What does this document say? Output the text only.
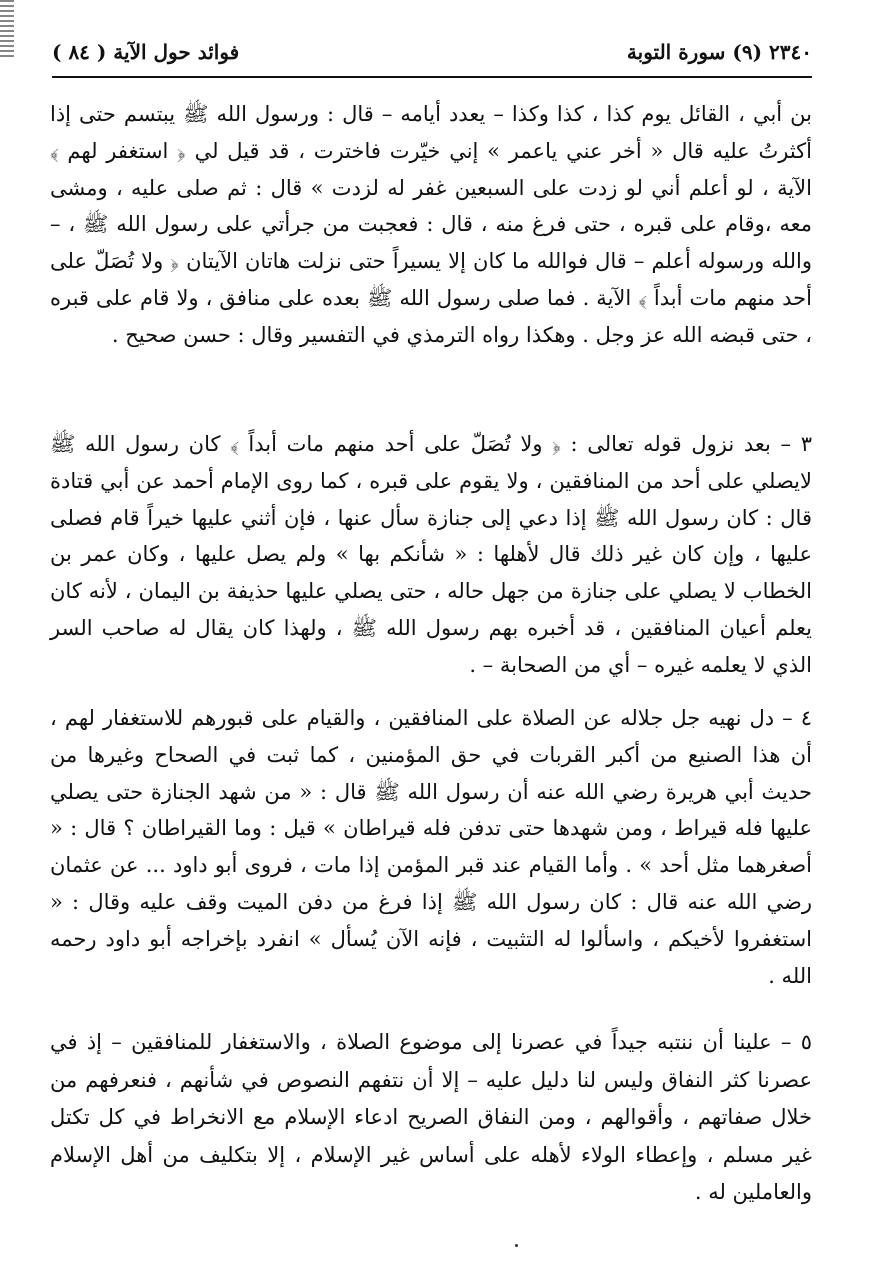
٢٣٤٠ (٩) سورة التوبة
فوائد حول الآية ( ٨٤ )
بن أبي ، القائل يوم كذا ، كذا وكذا – يعدد أيامه – قال : ورسول الله ﷺ يبتسم حتى إذا أكثرتُ عليه قال « أخر عني ياعمر » إني خيّرت فاخترت ، قد قيل لي ﴿ استغفر لهم ﴾ الآية ، لو أعلم أني لو زدت على السبعين غفر له لزدت » قال : ثم صلى عليه ، ومشى معه ،وقام على قبره ، حتى فرغ منه ، قال : فعجبت من جرأتي على رسول الله ﷺ ، – والله ورسوله أعلم – قال فوالله ما كان إلا يسيراً حتى نزلت هاتان الآيتان ﴿ ولا تُصَلّ على أحد منهم مات أبداً ﴾ الآية . فما صلى رسول الله ﷺ بعده على منافق ، ولا قام على قبره ، حتى قبضه الله عز وجل . وهكذا رواه الترمذي في التفسير وقال : حسن صحيح .
٣ – بعد نزول قوله تعالى : ﴿ ولا تُصَلّ على أحد منهم مات أبداً ﴾ كان رسول الله ﷺ لايصلي على أحد من المنافقين ، ولا يقوم على قبره ، كما روى الإمام أحمد عن أبي قتادة قال : كان رسول الله ﷺ إذا دعي إلى جنازة سأل عنها ، فإن أثني عليها خيراً قام فصلى عليها ، وإن كان غير ذلك قال لأهلها : « شأنكم بها » ولم يصل عليها ، وكان عمر بن الخطاب لا يصلي على جنازة من جهل حاله ، حتى يصلي عليها حذيفة بن اليمان ، لأنه كان يعلم أعيان المنافقين ، قد أخبره بهم رسول الله ﷺ ، ولهذا كان يقال له صاحب السر الذي لا يعلمه غيره – أي من الصحابة – .
٤ – دل نهيه جل جلاله عن الصلاة على المنافقين ، والقيام على قبورهم للاستغفار لهم ، أن هذا الصنيع من أكبر القربات في حق المؤمنين ، كما ثبت في الصحاح وغيرها من حديث أبي هريرة رضي الله عنه أن رسول الله ﷺ قال : « من شهد الجنازة حتى يصلي عليها فله قيراط ، ومن شهدها حتى تدفن فله قيراطان » قيل : وما القيراطان ؟ قال : « أصغرهما مثل أحد » . وأما القيام عند قبر المؤمن إذا مات ، فروى أبو داود ... عن عثمان رضي الله عنه قال : كان رسول الله ﷺ إذا فرغ من دفن الميت وقف عليه وقال : « استغفروا لأخيكم ، واسألوا له التثبيت ، فإنه الآن يُسأل » انفرد بإخراجه أبو داود رحمه الله .
٥ – علينا أن ننتبه جيداً في عصرنا إلى موضوع الصلاة ، والاستغفار للمنافقين – إذ في عصرنا كثر النفاق وليس لنا دليل عليه – إلا أن نتفهم النصوص في شأنهم ، فنعرفهم من خلال صفاتهم ، وأقوالهم ، ومن النفاق الصريح ادعاء الإسلام مع الانخراط في كل تكتل غير مسلم ، وإعطاء الولاء لأهله على أساس غير الإسلام ، إلا بتكليف من أهل الإسلام والعاملين له .
